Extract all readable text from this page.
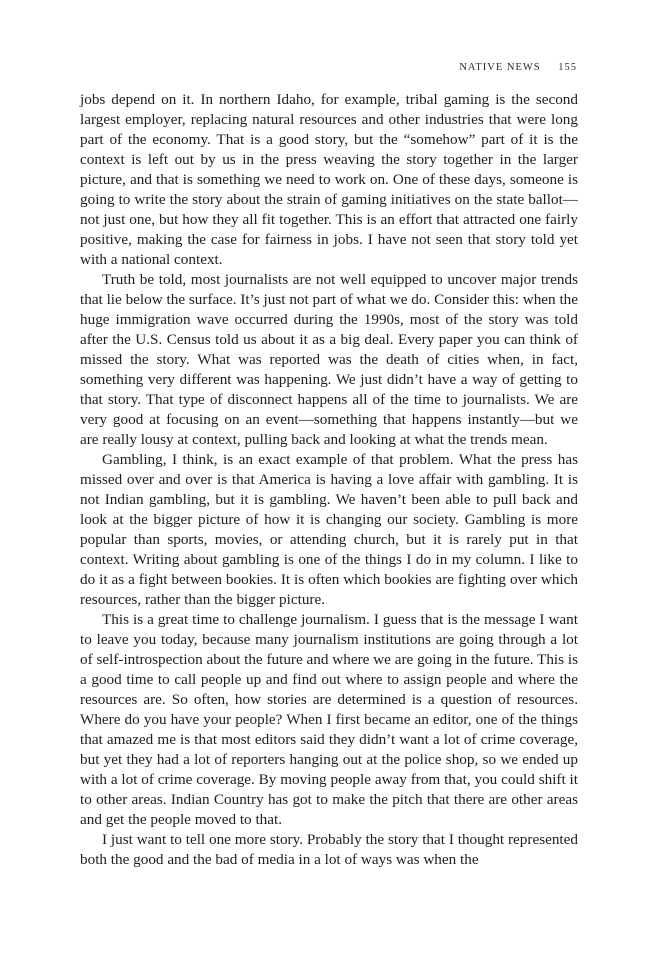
NATIVE NEWS 155

jobs depend on it. In northern Idaho, for example, tribal gaming is the second largest employer, replacing natural resources and other industries that were long part of the economy. That is a good story, but the “somehow” part of it is the context is left out by us in the press weaving the story together in the larger picture, and that is something we need to work on. One of these days, someone is going to write the story about the strain of gaming initiatives on the state ballot—not just one, but how they all fit together. This is an effort that attracted one fairly positive, making the case for fairness in jobs. I have not seen that story told yet with a national context.

Truth be told, most journalists are not well equipped to uncover major trends that lie below the surface. It’s just not part of what we do. Consider this: when the huge immigration wave occurred during the 1990s, most of the story was told after the U.S. Census told us about it as a big deal. Every paper you can think of missed the story. What was reported was the death of cities when, in fact, something very different was happening. We just didn’t have a way of getting to that story. That type of disconnect happens all of the time to journalists. We are very good at focusing on an event—something that happens instantly—but we are really lousy at context, pulling back and looking at what the trends mean.

Gambling, I think, is an exact example of that problem. What the press has missed over and over is that America is having a love affair with gambling. It is not Indian gambling, but it is gambling. We haven’t been able to pull back and look at the bigger picture of how it is changing our society. Gambling is more popular than sports, movies, or attending church, but it is rarely put in that context. Writing about gambling is one of the things I do in my column. I like to do it as a fight between bookies. It is often which bookies are fighting over which resources, rather than the bigger picture.

This is a great time to challenge journalism. I guess that is the message I want to leave you today, because many journalism institutions are going through a lot of self-introspection about the future and where we are going in the future. This is a good time to call people up and find out where to assign people and where the resources are. So often, how stories are determined is a question of resources. Where do you have your people? When I first became an editor, one of the things that amazed me is that most editors said they didn’t want a lot of crime coverage, but yet they had a lot of reporters hanging out at the police shop, so we ended up with a lot of crime coverage. By moving people away from that, you could shift it to other areas. Indian Country has got to make the pitch that there are other areas and get the people moved to that.

I just want to tell one more story. Probably the story that I thought represented both the good and the bad of media in a lot of ways was when the
